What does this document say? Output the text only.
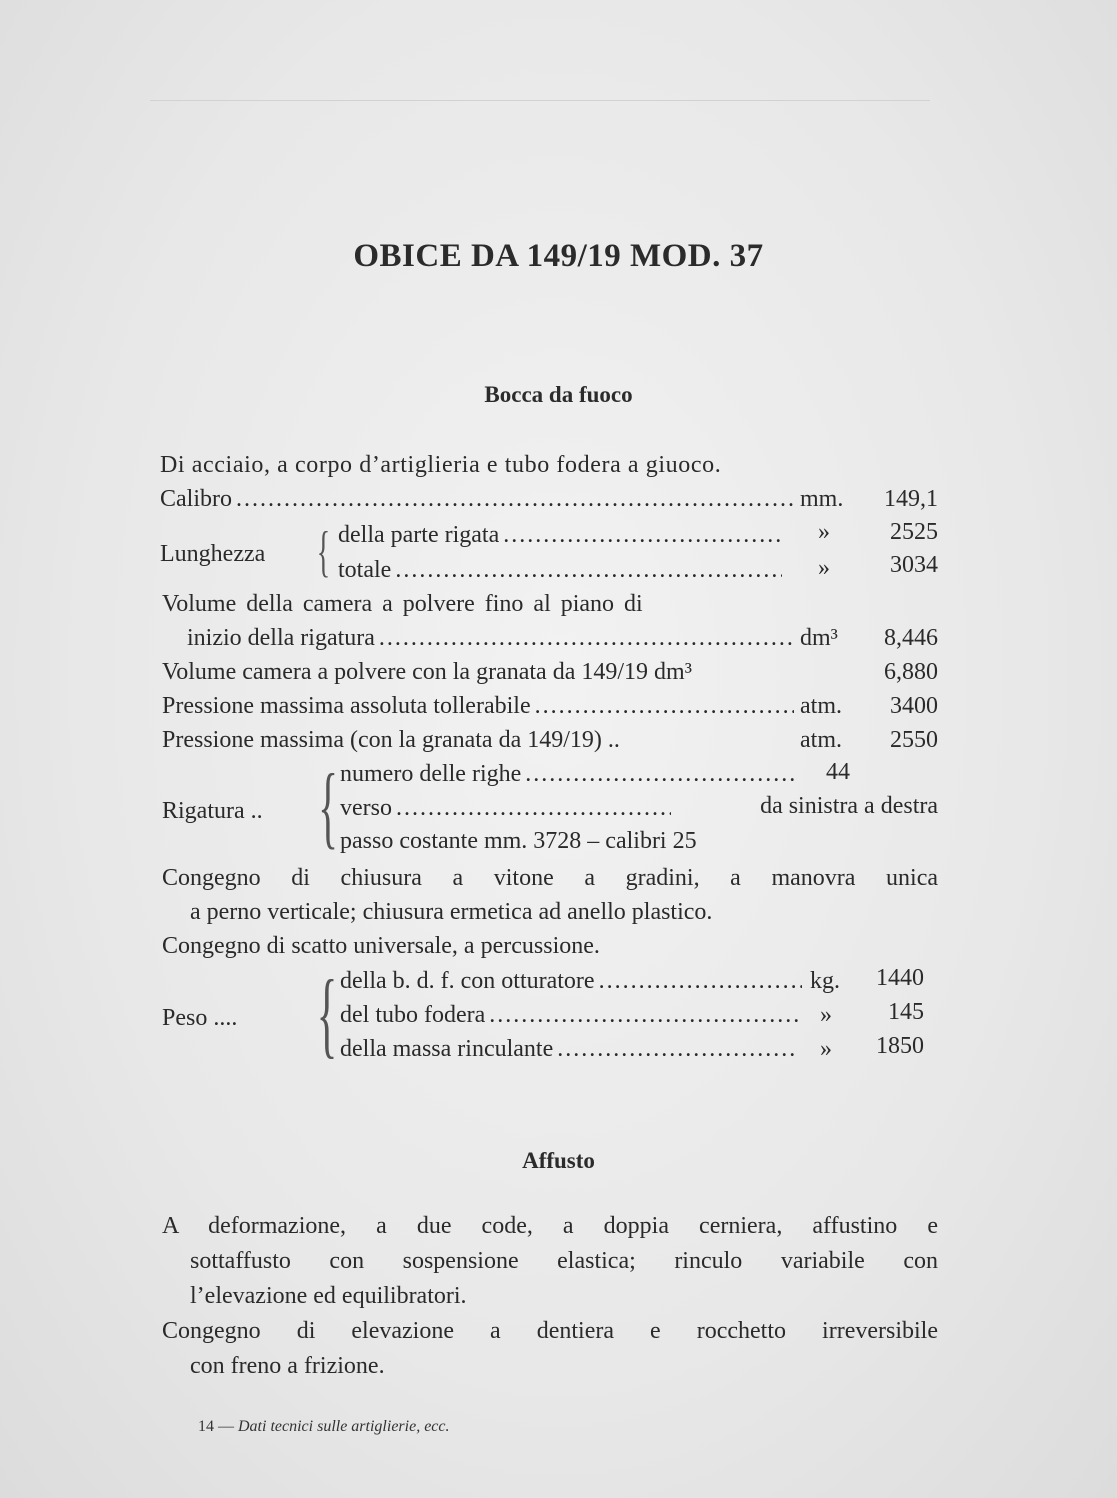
OBICE DA 149/19 MOD. 37
Bocca da fuoco
Di acciaio, a corpo d’artiglieria e tubo fodera a giuoco.
Calibro .....	mm.	149,1
Lunghezza { della parte rigata .....	»	2525
totale .....	»	3034
Volume della camera a polvere fino al piano di
inizio della rigatura .....	dm³	8,446
Volume camera a polvere con la granata da 149/19 dm³	6,880
Pressione massima assoluta tollerabile .....	atm.	3400
Pressione massima (con la granata da 149/19) ..	atm.	2550
Rigatura .. { numero delle righe .....	44
verso .....	da sinistra a destra
passo costante mm. 3728 – calibri 25
Congegno di chiusura a vitone a gradini, a manovra unica
a perno verticale; chiusura ermetica ad anello plastico.
Congegno di scatto universale, a percussione.
Peso .... { della b. d. f. con otturatore .....	kg.	1440
del tubo fodera .....	»	145
della massa rinculante .....	»	1850
Affusto
A deformazione, a due code, a doppia cerniera, affustino e
sottaffusto con sospensione elastica; rinculo variabile con
l’elevazione ed equilibratori.
Congegno di elevazione a dentiera e rocchetto irreversibile
con freno a frizione.
14 — Dati tecnici sulle artiglierie, ecc.
